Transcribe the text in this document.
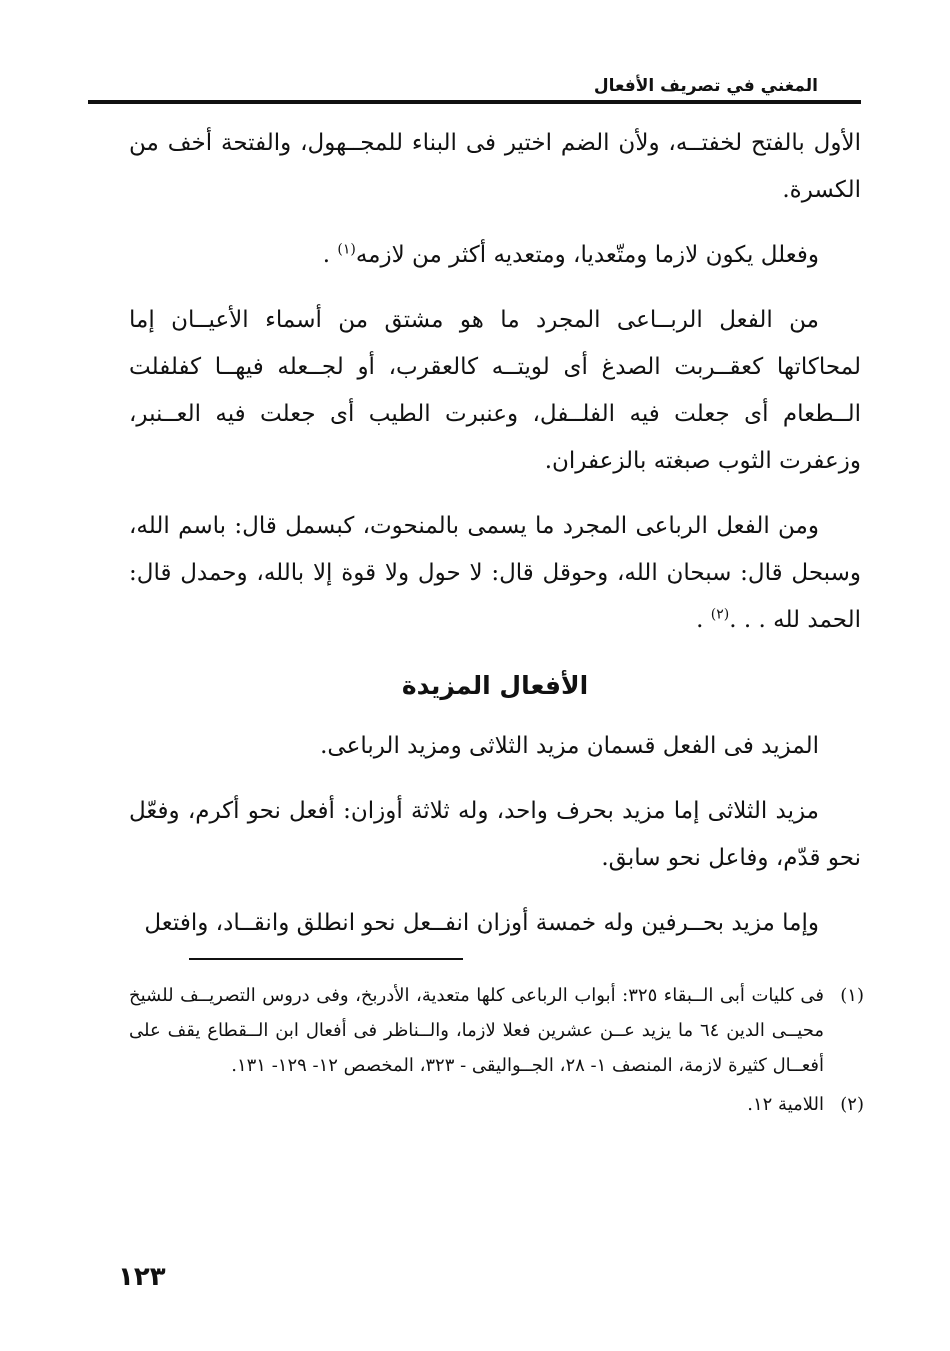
المغني في تصريف الأفعال

الأول بالفتح لخفتــه، ولأن الضم اختير فى البناء للمجــهول، والفتحة أخف من الكسرة.

وفعلل يكون لازما ومتّعديا، ومتعديه أكثر من لازمه$^{(١)}$ .

من الفعل الربــاعى المجرد ما هو مشتق من أسماء الأعيــان إما لمحاكاتها كعقــربت الصدغ أى لويتــه كالعقرب، أو لجــعله فيهــا كفلفلت الــطعام أى جعلت فيه الفلــفل، وعنبرت الطيب أى جعلت فيه العــنبر، وزعفرت الثوب صبغته بالزعفران.

ومن الفعل الرباعى المجرد ما يسمى بالمنحوت، كبسمل قال: باسم الله، وسبحل قال: سبحان الله، وحوقل قال: لا حول ولا قوة إلا بالله، وحمدل قال: الحمد لله . . .$^{(٢)}$ .

الأفعال المزيدة

المزيد فى الفعل قسمان مزيد الثلاثى ومزيد الرباعى.

مزيد الثلاثى إما مزيد بحرف واحد، وله ثلاثة أوزان: أفعل نحو أكرم، وفعّل نحو قدّم، وفاعل نحو سابق.

وإما مزيد بحــرفين وله خمسة أوزان انفــعل نحو انطلق وانقــاد، وافتعل

(١)
فى كليات أبى الــبقاء ٣٢٥: أبواب الرباعى كلها متعدية، الأدربخ، وفى دروس التصريــف للشيخ محيــى الدين ٦٤ ما يزيد عــن عشرين فعلا لازما، والــناظر فى أفعال ابن الــقطاع يقف على أفعــال كثيرة لازمة، المنصف ١- ٢٨، الجــواليقى - ٣٢٣، المخصص ١٢- ١٢٩- ١٣١.
(٢)
اللامية ١٢.
١٢٣
